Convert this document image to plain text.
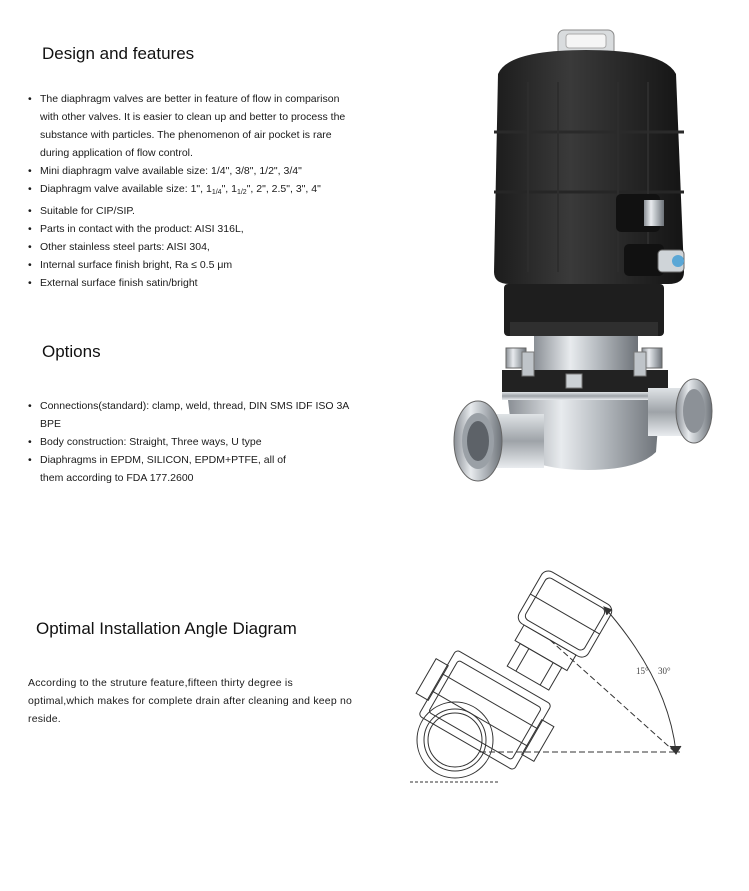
Design and features
• The diaphragm valves are better in feature of flow in comparison with other valves. It is easier to clean up and better to process the substance with particles. The phenomenon of air pocket is rare during application of flow control.
• Mini diaphragm valve available size: 1/4", 3/8", 1/2", 3/4"
• Diaphragm valve available size: 1", $1_{1/4}$", $1_{1/2}$", 2", 2.5", 3", 4"
• Suitable for CIP/SIP.
• Parts in contact with the product: AISI 316L,
• Other stainless steel parts: AISI 304,
• Internal surface finish bright, Ra ≤ 0.5 μm
• External surface finish satin/bright
Options
• Connections(standard): clamp, weld, thread, DIN SMS IDF ISO 3A BPE
• Body construction: Straight, Three ways, U type
• Diaphragms in EPDM, SILICON, EPDM+PTFE, all of them according to FDA 177.2600
Optimal Installation Angle Diagram

According to the struture feature,fifteen thirty degree is optimal,which makes for complete drain after cleaning and keep no reside.

15° 30°
